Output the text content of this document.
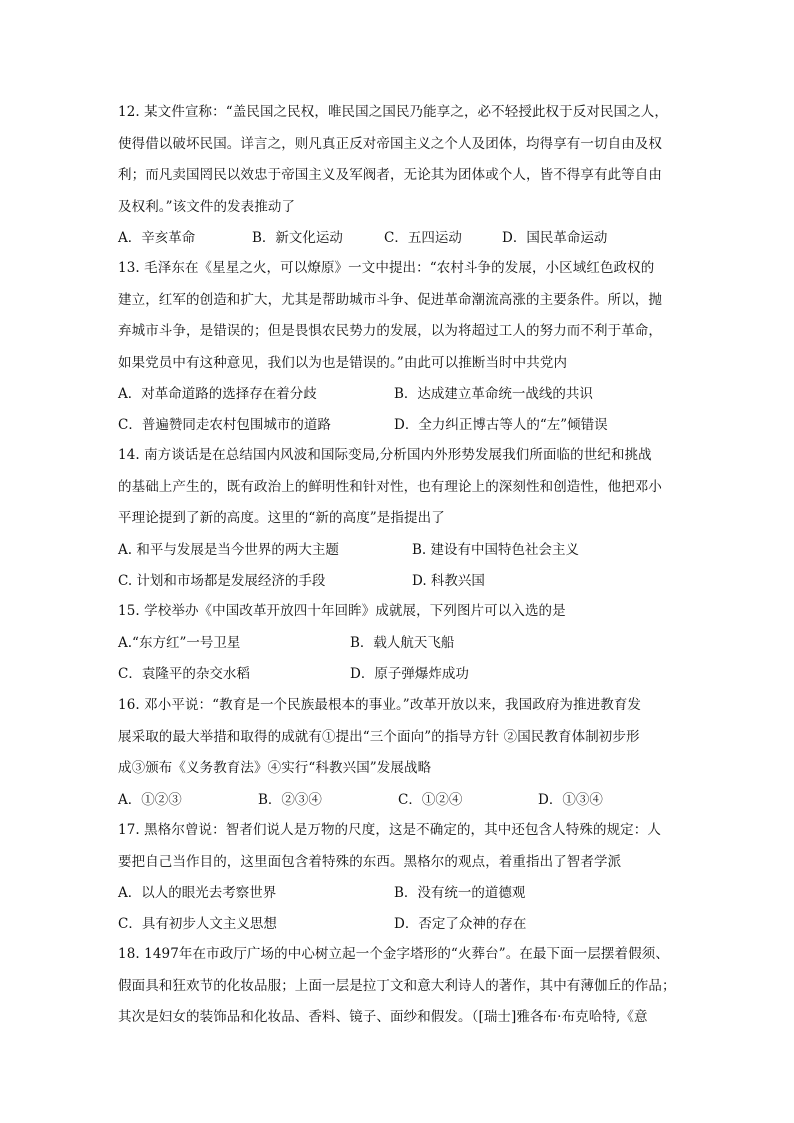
12. 某文件宣称：“盖民国之民权，唯民国之国民乃能享之，必不轻授此权于反对民国之人，
使得借以破坏民国。详言之，则凡真正反对帝国主义之个人及团体，均得享有一切自由及权
利；而凡卖国罔民以效忠于帝国主义及军阀者，无论其为团体或个人，皆不得享有此等自由
及权利。”该文件的发表推动了
A．辛亥革命	B．新文化运动	C．五四运动	D．国民革命运动
13. 毛泽东在《星星之火，可以燎原》一文中提出：“农村斗争的发展，小区域红色政权的
建立，红军的创造和扩大，尤其是帮助城市斗争、促进革命潮流高涨的主要条件。所以，抛
弃城市斗争，是错误的；但是畏惧农民势力的发展，以为将超过工人的努力而不利于革命，
如果党员中有这种意见，我们以为也是错误的。”由此可以推断当时中共党内
A．对革命道路的选择存在着分歧	B．达成建立革命统一战线的共识
C．普遍赞同走农村包围城市的道路	D．全力纠正博古等人的“左”倾错误
14. 南方谈话是在总结国内风波和国际变局,分析国内外形势发展我们所面临的世纪和挑战
的基础上产生的，既有政治上的鲜明性和针对性，也有理论上的深刻性和创造性，他把邓小
平理论提到了新的高度。这里的“新的高度”是指提出了
A. 和平与发展是当今世界的两大主题	B. 建设有中国特色社会主义
C. 计划和市场都是发展经济的手段	D. 科教兴国
15. 学校举办《中国改革开放四十年回眸》成就展，下列图片可以入选的是
A.“东方红”一号卫星	B．载人航天飞船
C．袁隆平的杂交水稻	D．原子弹爆炸成功
16. 邓小平说：“教育是一个民族最根本的事业。”改革开放以来，我国政府为推进教育发
展采取的最大举措和取得的成就有①提出“三个面向”的指导方针 ②国民教育体制初步形
成③颁布《义务教育法》④实行“科教兴国”发展战略
A．①②③	B．②③④	C．①②④	D．①③④
17. 黑格尔曾说：智者们说人是万物的尺度，这是不确定的，其中还包含人特殊的规定：人
要把自己当作目的，这里面包含着特殊的东西。黑格尔的观点，着重指出了智者学派
A．以人的眼光去考察世界	B．没有统一的道德观
C．具有初步人文主义思想	D．否定了众神的存在
18. 1497年在市政厅广场的中心树立起一个金字塔形的“火葬台”。在最下面一层摆着假须、
假面具和狂欢节的化妆品服；上面一层是拉丁文和意大利诗人的著作，其中有薄伽丘的作品；
其次是妇女的装饰品和化妆品、香料、镜子、面纱和假发。（[瑞士]雅各布·布克哈特,《意
